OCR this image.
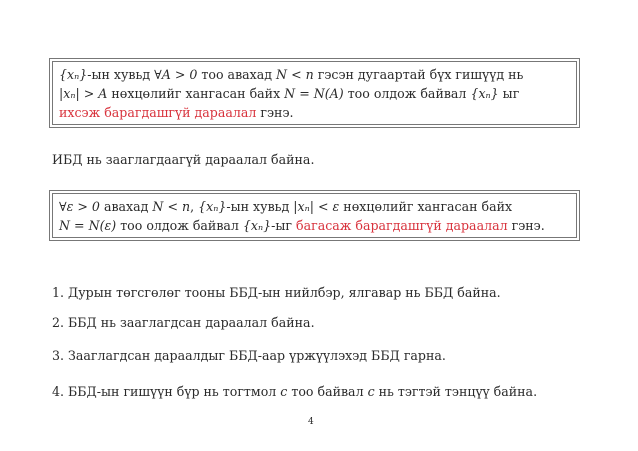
{xₙ}-ын хувьд ∀A > 0 тоо авахад N < n гэсэн дугаартай бүх гишүүд нь
|xₙ| > A нөхцөлийг хангасан байх N = N(A) тоо олдож байвал {xₙ} ыг
ихсэж барагдашгүй дараалал гэнэ.
ИБД нь зааглагдаагүй дараалал байна.
∀ε > 0 авахад N < n, {xₙ}-ын хувьд |xₙ| < ε нөхцөлийг хангасан байх
N = N(ε) тоо олдож байвал {xₙ}-ыг багасаж барагдашгүй дараалал гэнэ.
1. Дурын төгсгөлөг тооны ББД-ын нийлбэр, ялгавар нь ББД байна.
2. ББД нь зааглагдсан дараалал байна.
3. Зааглагдсан дараалдыг ББД-аар үржүүлэхэд ББД гарна.
4. ББД-ын гишүүн бүр нь тогтмол c тоо байвал c нь тэгтэй тэнцүү байна.
4
